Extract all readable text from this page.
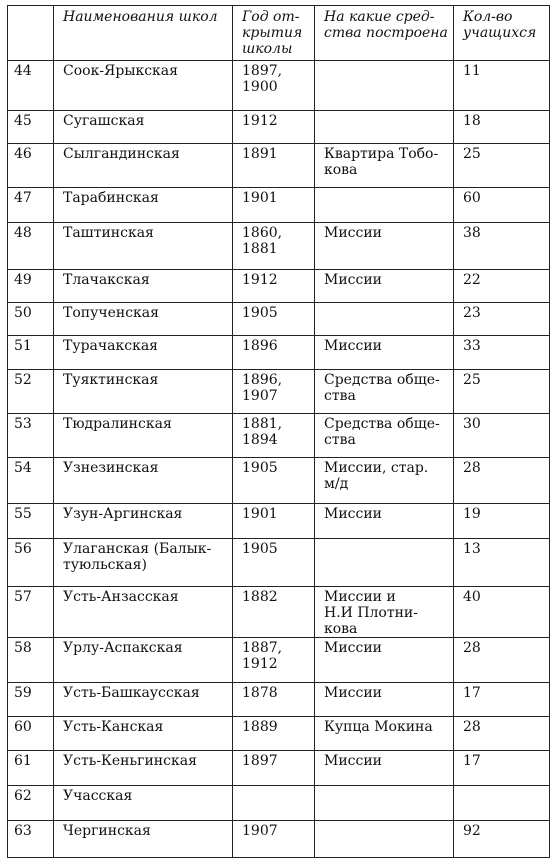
	Наименования школ	Год от-
крытия
школы	На какие сред-
ства построена	Кол-во
учащихся
44	Соок-Ярыкская	1897,
1900		11
45	Сугашская	1912		18
46	Сылгандинская	1891	Квартира Тобо-
кова	25
47	Тарабинская	1901		60
48	Таштинская	1860,
1881	Миссии	38
49	Тлачакская	1912	Миссии	22
50	Топученская	1905		23
51	Турачакская	1896	Миссии	33
52	Туяктинская	1896,
1907	Средства обще-
ства	25
53	Тюдралинская	1881,
1894	Средства обще-
ства	30
54	Узнезинская	1905	Миссии, стар.
м/д	28
55	Узун-Аргинская	1901	Миссии	19
56	Улаганская (Балык-
туюльская)	1905		13
57	Усть-Анзасская	1882	Миссии и
Н.И Плотни-
кова	40
58	Урлу-Аспакская	1887,
1912	Миссии	28
59	Усть-Башкаусская	1878	Миссии	17
60	Усть-Канская	1889	Купца Мокина	28
61	Усть-Кеньгинская	1897	Миссии	17
62	Учасская			
63	Чергинская	1907		92
